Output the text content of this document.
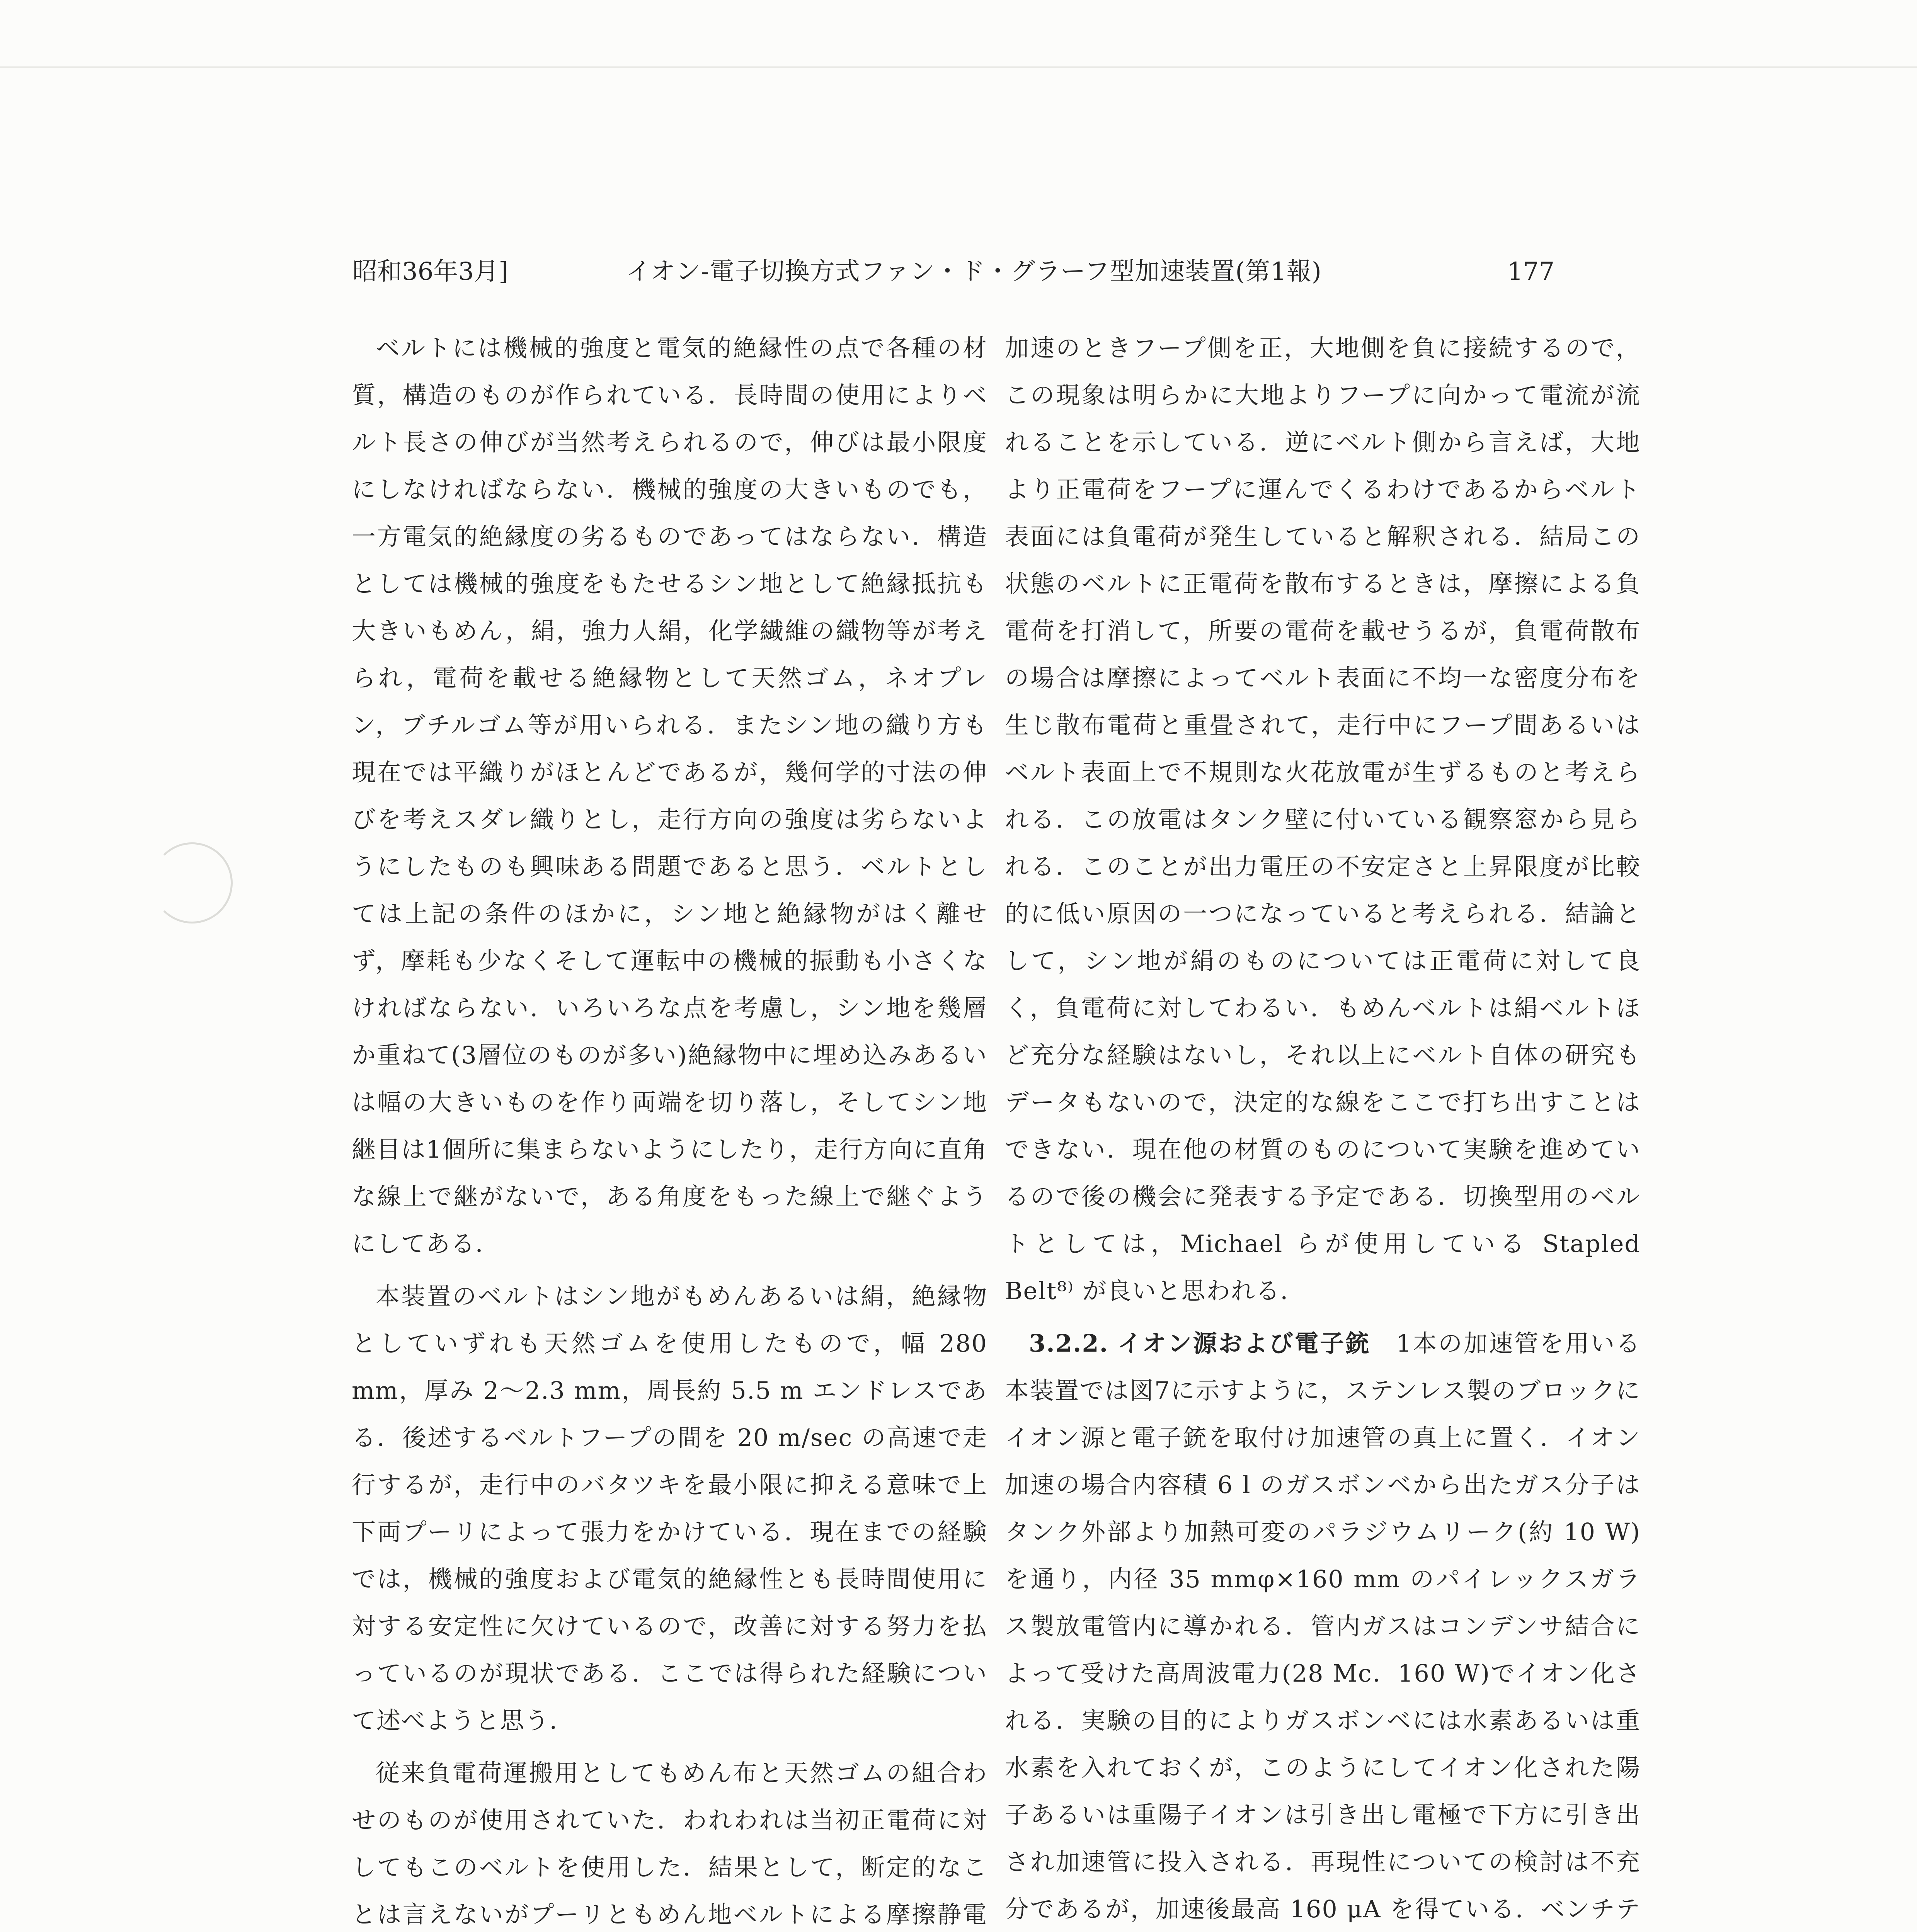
昭和36年3月]	イオン-電子切換方式ファン・ド・グラーフ型加速装置(第1報)	177

ベルトには機械的強度と電気的絶縁性の点で各種の材質，構造のものが作られている．長時間の使用によりベルト長さの伸びが当然考えられるので，伸びは最小限度にしなければならない．機械的強度の大きいものでも，一方電気的絶縁度の劣るものであってはならない．構造としては機械的強度をもたせるシン地として絶縁抵抗も大きいもめん，絹，強力人絹，化学繊維の織物等が考えられ，電荷を載せる絶縁物として天然ゴム，ネオプレン，ブチルゴム等が用いられる．またシン地の織り方も現在では平織りがほとんどであるが，幾何学的寸法の伸びを考えスダレ織りとし，走行方向の強度は劣らないようにしたものも興味ある問題であると思う．ベルトとしては上記の条件のほかに，シン地と絶縁物がはく離せず，摩耗も少なくそして運転中の機械的振動も小さくなければならない．いろいろな点を考慮し，シン地を幾層か重ねて(3層位のものが多い)絶縁物中に埋め込みあるいは幅の大きいものを作り両端を切り落し，そしてシン地継目は1個所に集まらないようにしたり，走行方向に直角な線上で継がないで，ある角度をもった線上で継ぐようにしてある．

本装置のベルトはシン地がもめんあるいは絹，絶縁物としていずれも天然ゴムを使用したもので，幅 280 mm，厚み 2～2.3 mm，周長約 5.5 m エンドレスである．後述するベルトフープの間を 20 m/sec の高速で走行するが，走行中のバタツキを最小限に抑える意味で上下両プーリによって張力をかけている．現在までの経験では，機械的強度および電気的絶縁性とも長時間使用に対する安定性に欠けているので，改善に対する努力を払っているのが現状である．ここでは得られた経験について述べようと思う．

従来負電荷運搬用としてもめん布と天然ゴムの組合わせのものが使用されていた．われわれは当初正電荷に対してもこのベルトを使用した．結果として，断定的なことは言えないがプーリともめん地ベルトによる摩擦静電

加速のときフープ側を正，大地側を負に接続するので，この現象は明らかに大地よりフープに向かって電流が流れることを示している．逆にベルト側から言えば，大地より正電荷をフープに運んでくるわけであるからベルト表面には負電荷が発生していると解釈される．結局この状態のベルトに正電荷を散布するときは，摩擦による負電荷を打消して，所要の電荷を載せうるが，負電荷散布の場合は摩擦によってベルト表面に不均一な密度分布を生じ散布電荷と重畳されて，走行中にフープ間あるいはベルト表面上で不規則な火花放電が生ずるものと考えられる．この放電はタンク壁に付いている観察窓から見られる．このことが出力電圧の不安定さと上昇限度が比較的に低い原因の一つになっていると考えられる．結論として，シン地が絹のものについては正電荷に対して良く，負電荷に対してわるい．もめんベルトは絹ベルトほど充分な経験はないし，それ以上にベルト自体の研究もデータもないので，決定的な線をここで打ち出すことはできない．現在他の材質のものについて実験を進めているので後の機会に発表する予定である．切換型用のベルトとしては，Michael らが使用している Stapled Belt⁸⁾ が良いと思われる．

3.2.2. イオン源および電子銃　1本の加速管を用いる本装置では図7に示すように，ステンレス製のブロックにイオン源と電子銃を取付け加速管の真上に置く．イオン加速の場合内容積 6 l のガスボンベから出たガス分子はタンク外部より加熱可変のパラジウムリーク(約 10 W)を通り，内径 35 mmφ×160 mm のパイレックスガラス製放電管内に導かれる．管内ガスはコンデンサ結合によって受けた高周波電力(28 Mc．160 W)でイオン化される．実験の目的によりガスボンベには水素あるいは重水素を入れておくが，このようにしてイオン化された陽子あるいは重陽子イオンは引き出し電極で下方に引き出され加速管に投入される．再現性についての検討は不充分であるが，加速後最高 160 μA を得ている．ベンチテ
